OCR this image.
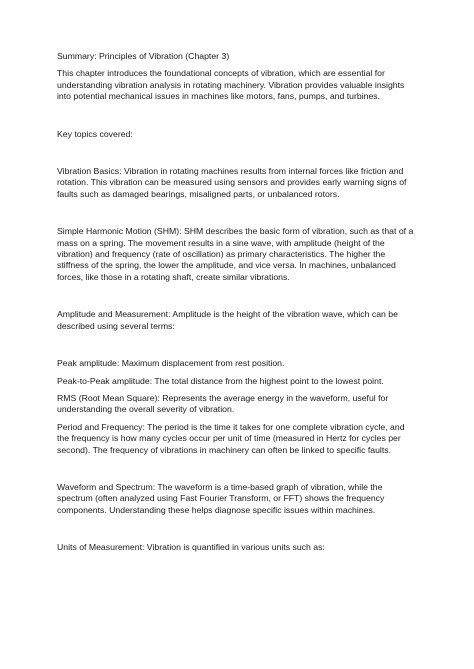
Summary: Principles of Vibration (Chapter 3)

This chapter introduces the foundational concepts of vibration, which are essential for understanding vibration analysis in rotating machinery. Vibration provides valuable insights into potential mechanical issues in machines like motors, fans, pumps, and turbines.

Key topics covered:

Vibration Basics: Vibration in rotating machines results from internal forces like friction and rotation. This vibration can be measured using sensors and provides early warning signs of faults such as damaged bearings, misaligned parts, or unbalanced rotors.

Simple Harmonic Motion (SHM): SHM describes the basic form of vibration, such as that of a mass on a spring. The movement results in a sine wave, with amplitude (height of the vibration) and frequency (rate of oscillation) as primary characteristics. The higher the stiffness of the spring, the lower the amplitude, and vice versa. In machines, unbalanced forces, like those in a rotating shaft, create similar vibrations.

Amplitude and Measurement: Amplitude is the height of the vibration wave, which can be described using several terms:

Peak amplitude: Maximum displacement from rest position.

Peak-to-Peak amplitude: The total distance from the highest point to the lowest point.

RMS (Root Mean Square): Represents the average energy in the waveform, useful for understanding the overall severity of vibration.

Period and Frequency: The period is the time it takes for one complete vibration cycle, and the frequency is how many cycles occur per unit of time (measured in Hertz for cycles per second). The frequency of vibrations in machinery can often be linked to specific faults.

Waveform and Spectrum: The waveform is a time-based graph of vibration, while the spectrum (often analyzed using Fast Fourier Transform, or FFT) shows the frequency components. Understanding these helps diagnose specific issues within machines.

Units of Measurement: Vibration is quantified in various units such as:
